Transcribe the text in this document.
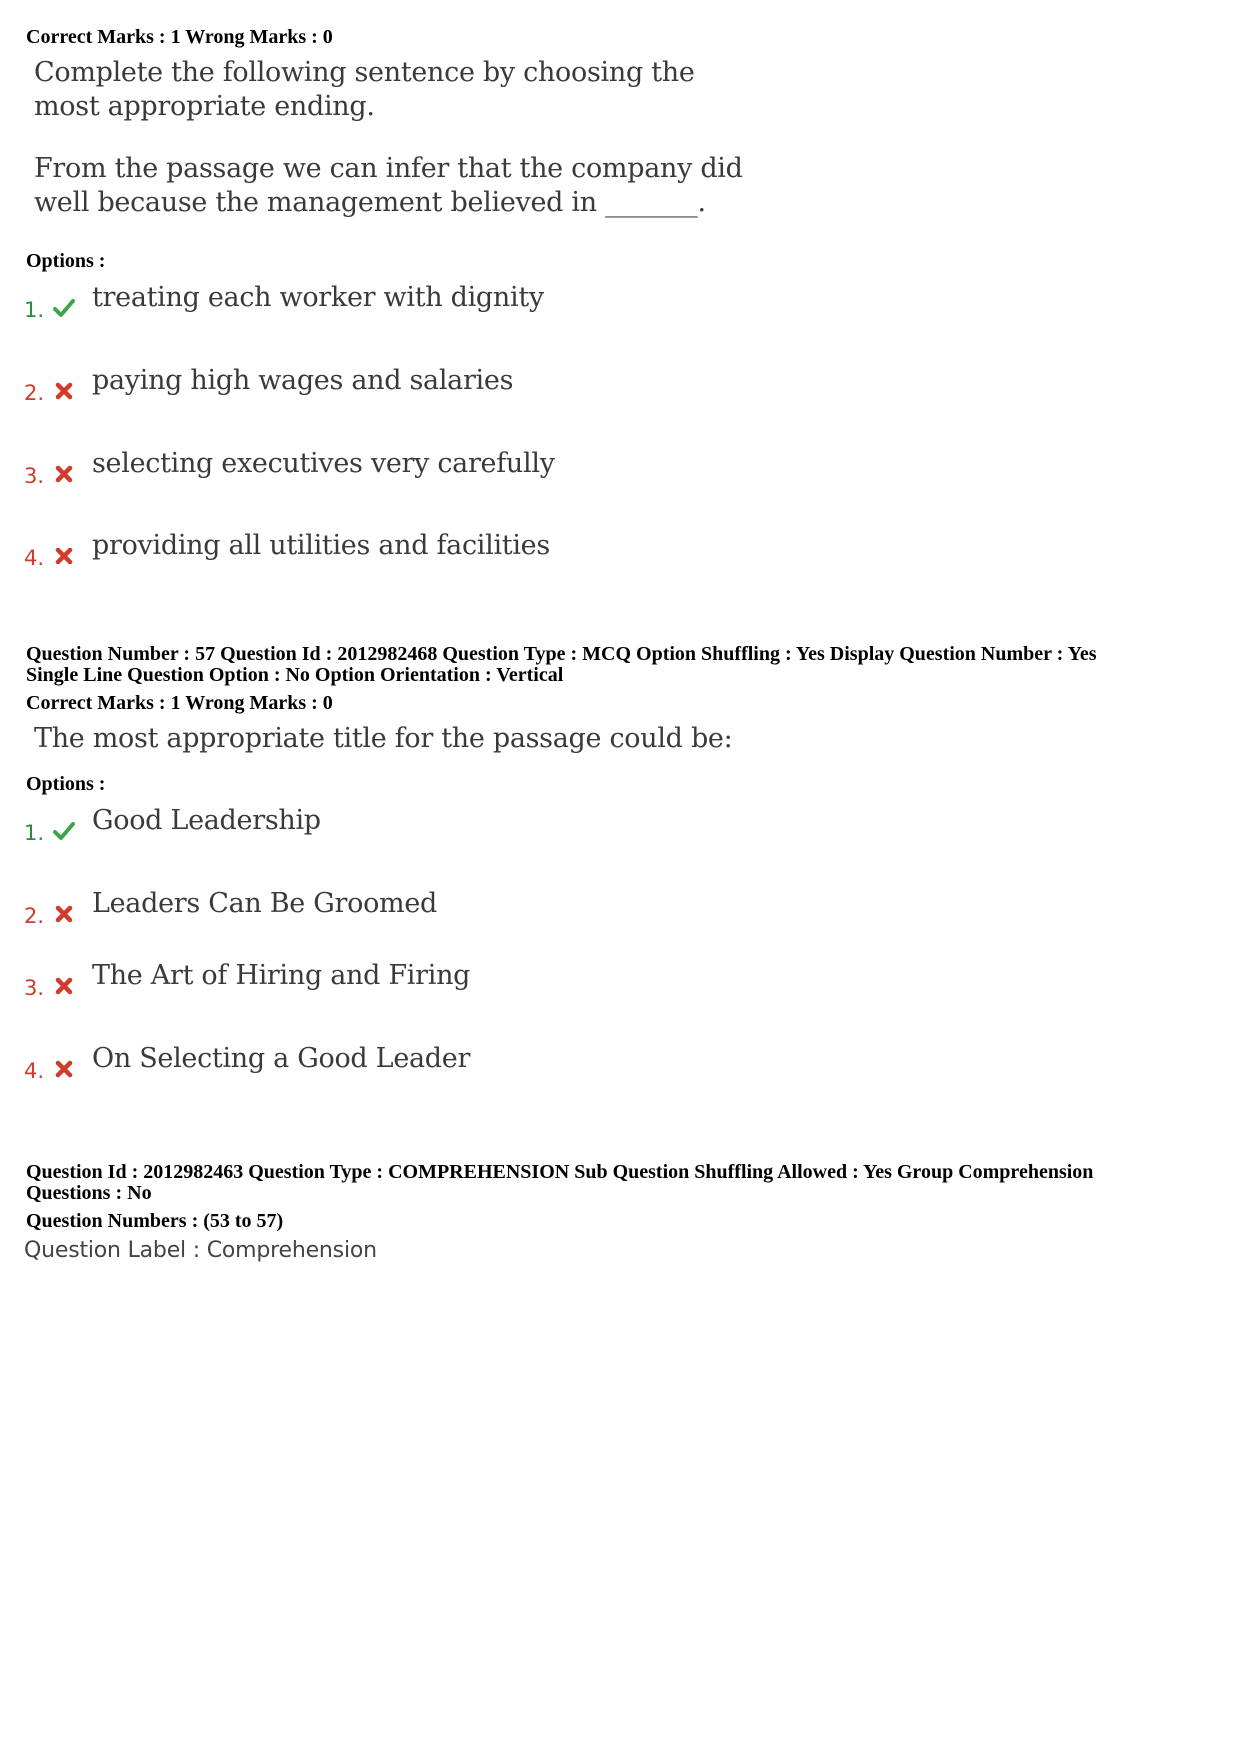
Correct Marks : 1 Wrong Marks : 0
Complete the following sentence by choosing the
most appropriate ending.
From the passage we can infer that the company did
well because the management believed in _______.
Options :
1. treating each worker with dignity
2. paying high wages and salaries
3. selecting executives very carefully
4. providing all utilities and facilities
Question Number : 57 Question Id : 2012982468 Question Type : MCQ Option Shuffling : Yes Display Question Number : Yes
Single Line Question Option : No Option Orientation : Vertical
Correct Marks : 1 Wrong Marks : 0
The most appropriate title for the passage could be:
Options :
1. Good Leadership
2. Leaders Can Be Groomed
3. The Art of Hiring and Firing
4. On Selecting a Good Leader
Question Id : 2012982463 Question Type : COMPREHENSION Sub Question Shuffling Allowed : Yes Group Comprehension
Questions : No
Question Numbers : (53 to 57)
Question Label : Comprehension
